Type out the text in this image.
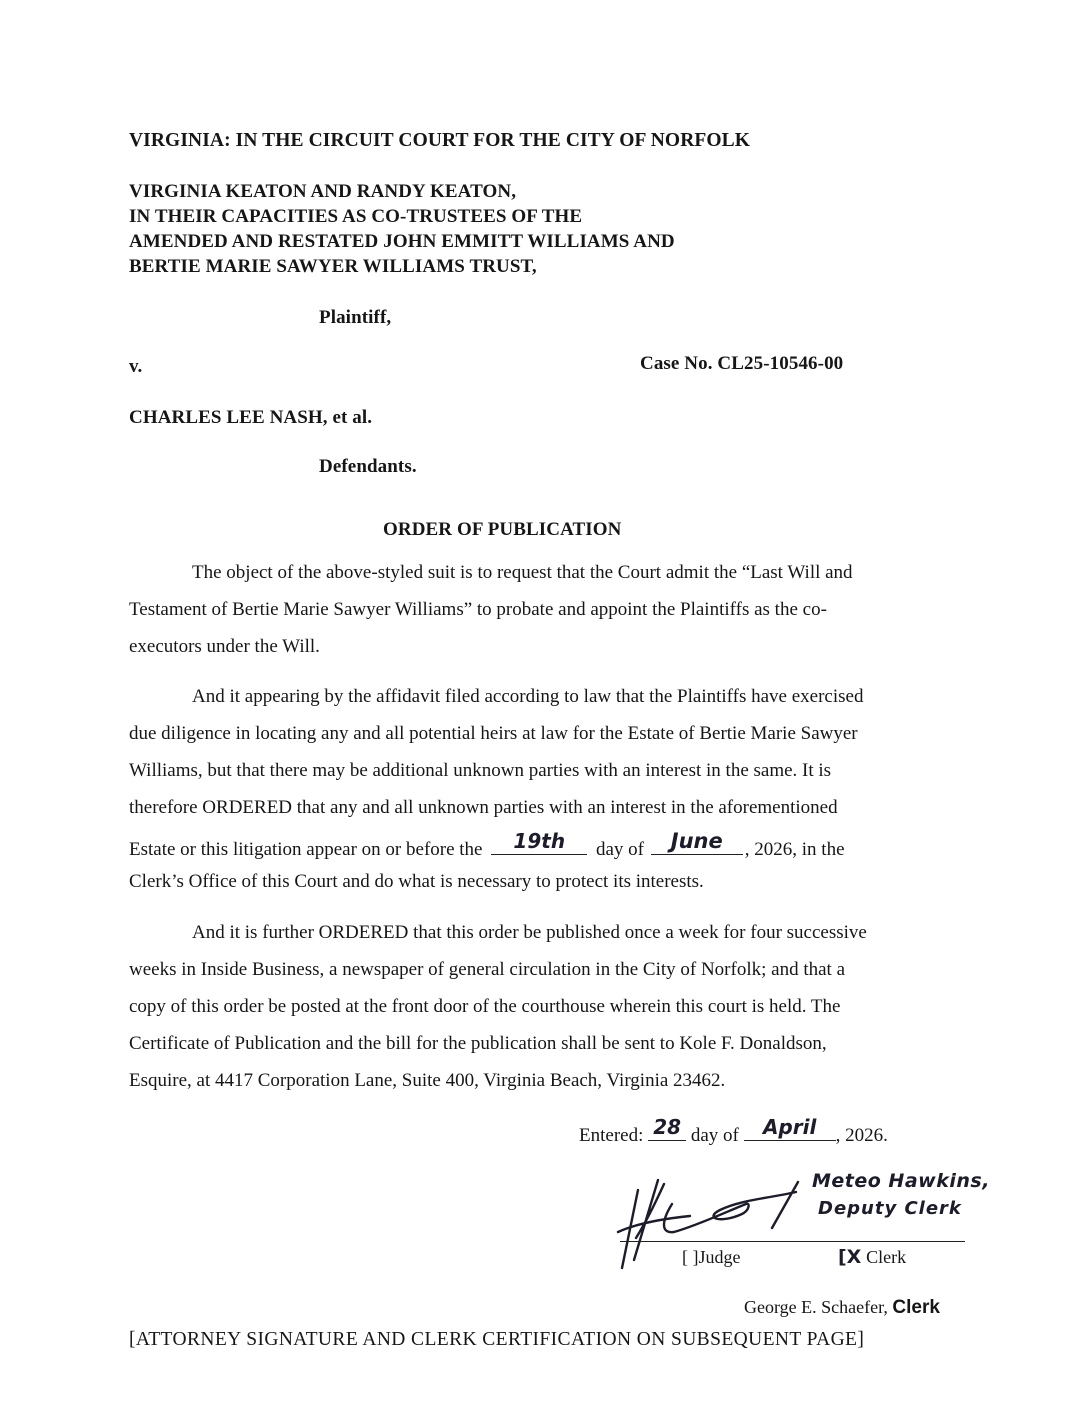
VIRGINIA: IN THE CIRCUIT COURT FOR THE CITY OF NORFOLK
VIRGINIA KEATON AND RANDY KEATON,
IN THEIR CAPACITIES AS CO-TRUSTEES OF THE
AMENDED AND RESTATED JOHN EMMITT WILLIAMS AND
BERTIE MARIE SAWYER WILLIAMS TRUST,
Plaintiff,
v.	Case No. CL25-10546-00
CHARLES LEE NASH, et al.
Defendants.
ORDER OF PUBLICATION
The object of the above-styled suit is to request that the Court admit the “Last Will and
Testament of Bertie Marie Sawyer Williams” to probate and appoint the Plaintiffs as the co-
executors under the Will.
And it appearing by the affidavit filed according to law that the Plaintiffs have exercised
due diligence in locating any and all potential heirs at law for the Estate of Bertie Marie Sawyer
Williams, but that there may be additional unknown parties with an interest in the same. It is
therefore ORDERED that any and all unknown parties with an interest in the aforementioned
Estate or this litigation appear on or before the	19th	day of	June	, 2026, in the
Clerk’s Office of this Court and do what is necessary to protect its interests.
And it is further ORDERED that this order be published once a week for four successive
weeks in Inside Business, a newspaper of general circulation in the City of Norfolk; and that a
copy of this order be posted at the front door of the courthouse wherein this court is held. The
Certificate of Publication and the bill for the publication shall be sent to Kole F. Donaldson,
Esquire, at 4417 Corporation Lane, Suite 400, Virginia Beach, Virginia 23462.
Entered: 28 day of	April	, 2026.
Meteo Hawkins,
Deputy Clerk
[ ]Judge	[X Clerk
George E. Schaefer, Clerk
[ATTORNEY SIGNATURE AND CLERK CERTIFICATION ON SUBSEQUENT PAGE]
